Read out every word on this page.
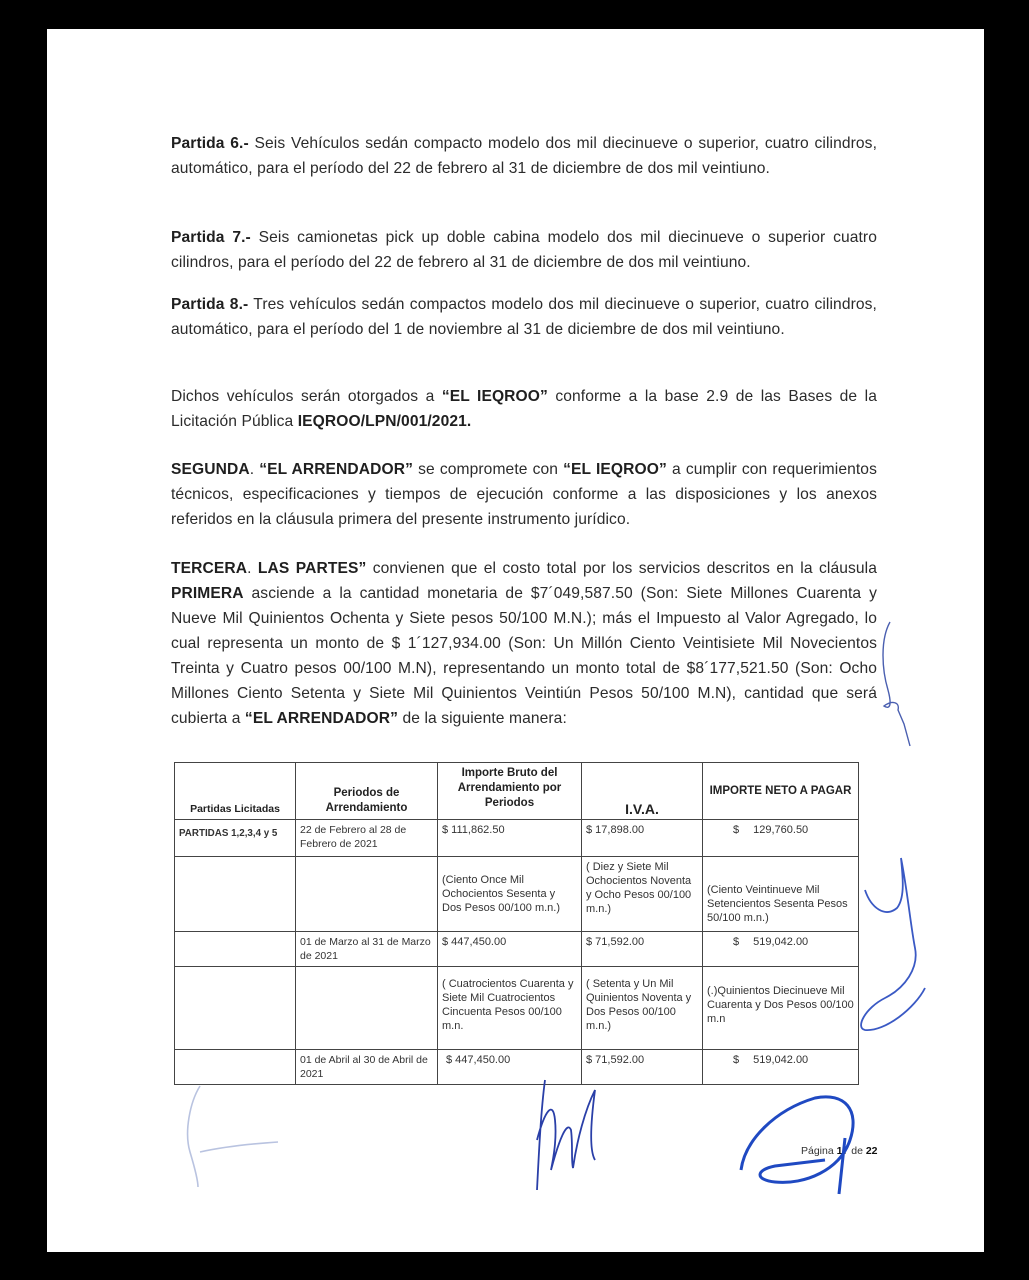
Partida 6.- Seis Vehículos sedán compacto modelo dos mil diecinueve o superior, cuatro cilindros, automático, para el período del 22 de febrero al 31 de diciembre de dos mil veintiuno.

Partida 7.- Seis camionetas pick up doble cabina modelo dos mil diecinueve o superior cuatro cilindros, para el período del 22 de febrero al 31 de diciembre de dos mil veintiuno.

Partida 8.- Tres vehículos sedán compactos modelo dos mil diecinueve o superior, cuatro cilindros, automático, para el período del 1 de noviembre al 31 de diciembre de dos mil veintiuno.

Dichos vehículos serán otorgados a “EL IEQROO” conforme a la base 2.9 de las Bases de la Licitación Pública IEQROO/LPN/001/2021.

SEGUNDA. “EL ARRENDADOR” se compromete con “EL IEQROO” a cumplir con requerimientos técnicos, especificaciones y tiempos de ejecución conforme a las disposiciones y los anexos referidos en la cláusula primera del presente instrumento jurídico.

TERCERA. LAS PARTES” convienen que el costo total por los servicios descritos en la cláusula PRIMERA asciende a la cantidad monetaria de $7´049,587.50 (Son: Siete Millones Cuarenta y Nueve Mil Quinientos Ochenta y Siete pesos 50/100 M.N.); más el Impuesto al Valor Agregado, lo cual representa un monto de $ 1´127,934.00 (Son: Un Millón Ciento Veintisiete Mil Novecientos Treinta y Cuatro pesos 00/100 M.N), representando un monto total de $8´177,521.50 (Son: Ocho Millones Ciento Setenta y Siete Mil Quinientos Veintiún Pesos 50/100 M.N), cantidad que será cubierta a “EL ARRENDADOR” de la siguiente manera:

Partidas Licitadas	Periodos de Arrendamiento	Importe Bruto del Arrendamiento por Periodos	I.V.A.	IMPORTE NETO A PAGAR
PARTIDAS 1,2,3,4 y 5	22 de Febrero al 28 de Febrero de 2021	$ 111,862.50	$ 17,898.00	$ 129,760.50
		(Ciento Once Mil Ochocientos Sesenta y Dos Pesos 00/100 m.n.)	( Diez y Siete Mil Ochocientos Noventa y Ocho Pesos 00/100 m.n.)	(Ciento Veintinueve Mil Setencientos Sesenta Pesos 50/100 m.n.)
	01 de Marzo al 31 de Marzo de 2021	$ 447,450.00	$ 71,592.00	$ 519,042.00
		( Cuatrocientos Cuarenta y Siete Mil Cuatrocientos Cincuenta Pesos 00/100 m.n.	( Setenta y Un Mil Quinientos Noventa y Dos Pesos 00/100 m.n.)	(.)Quinientos Diecinueve Mil Cuarenta y Dos Pesos 00/100 m.n
	01 de Abril al 30 de Abril de 2021	$ 447,450.00	$ 71,592.00	$ 519,042.00
Página 17 de 22
